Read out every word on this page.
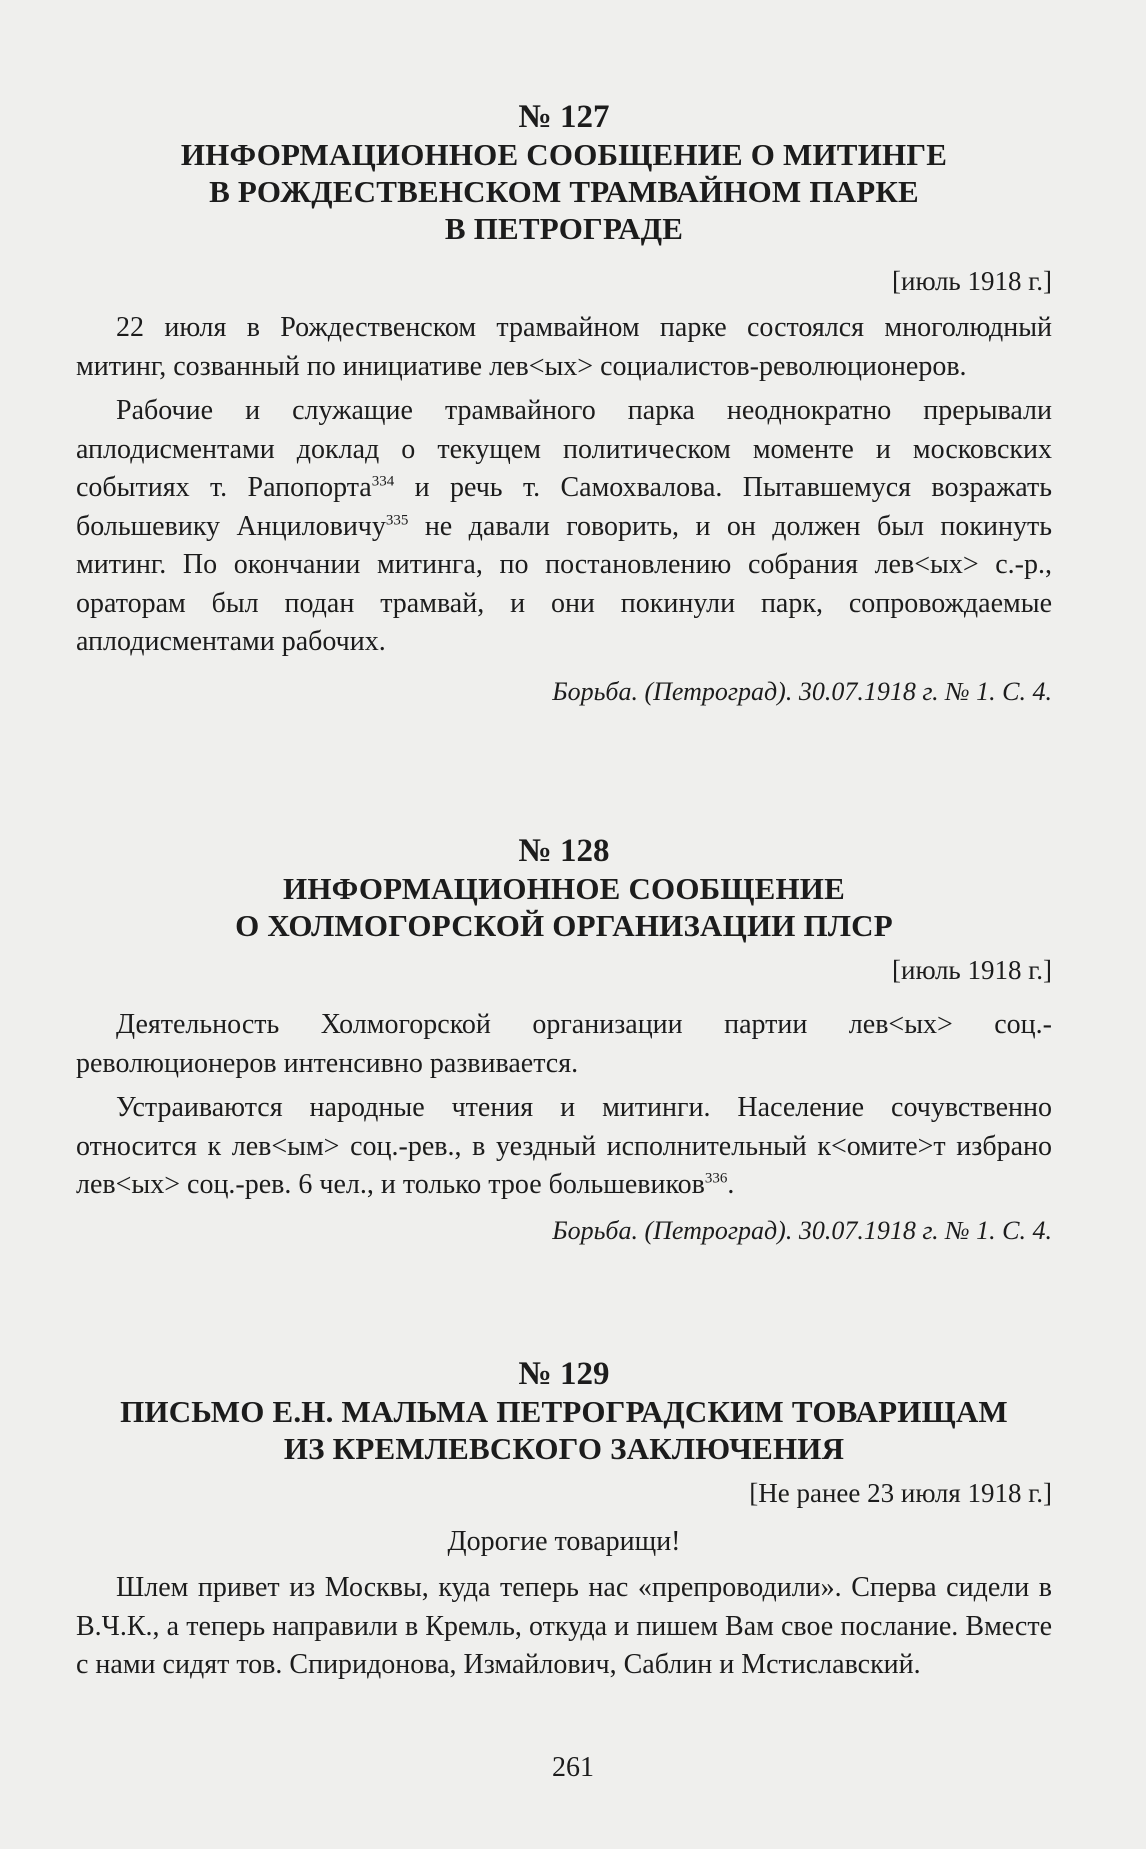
№ 127

ИНФОРМАЦИОННОЕ СООБЩЕНИЕ О МИТИНГЕ

В РОЖДЕСТВЕНСКОМ ТРАМВАЙНОМ ПАРКЕ

В ПЕТРОГРАДЕ

[июль 1918 г.]

22 июля в Рождественском трамвайном парке состоялся многолюдный митинг, созванный по инициативе лев<ых> социалистов-революционеров.

Рабочие и служащие трамвайного парка неоднократно прерывали аплодисментами доклад о текущем политическом моменте и московских событиях т. Рапопорта$^{334}$ и речь т. Самохвалова. Пытавшемуся возражать большевику Анциловичу$^{335}$ не давали говорить, и он должен был покинуть митинг. По окончании митинга, по постановлению собрания лев<ых> с.-р., ораторам был подан трамвай, и они покинули парк, сопровождаемые аплодисментами рабочих.

Борьба. (Петроград). 30.07.1918 г. № 1. С. 4.

№ 128

ИНФОРМАЦИОННОЕ СООБЩЕНИЕ

О ХОЛМОГОРСКОЙ ОРГАНИЗАЦИИ ПЛСР

[июль 1918 г.]

Деятельность Холмогорской организации партии лев<ых> соц.-революционеров интенсивно развивается.

Устраиваются народные чтения и митинги. Население сочувственно относится к лев<ым> соц.-рев., в уездный исполнительный к<омите>т избрано лев<ых> соц.-рев. 6 чел., и только трое большевиков$^{336}$.

Борьба. (Петроград). 30.07.1918 г. № 1. С. 4.

№ 129

ПИСЬМО Е.Н. МАЛЬМА ПЕТРОГРАДСКИМ ТОВАРИЩАМ

ИЗ КРЕМЛЕВСКОГО ЗАКЛЮЧЕНИЯ

[Не ранее 23 июля 1918 г.]

Дорогие товарищи!

Шлем привет из Москвы, куда теперь нас «препроводили». Сперва сидели в В.Ч.К., а теперь направили в Кремль, откуда и пишем Вам свое послание. Вместе с нами сидят тов. Спиридонова, Измайлович, Саблин и Мстиславский.

261
